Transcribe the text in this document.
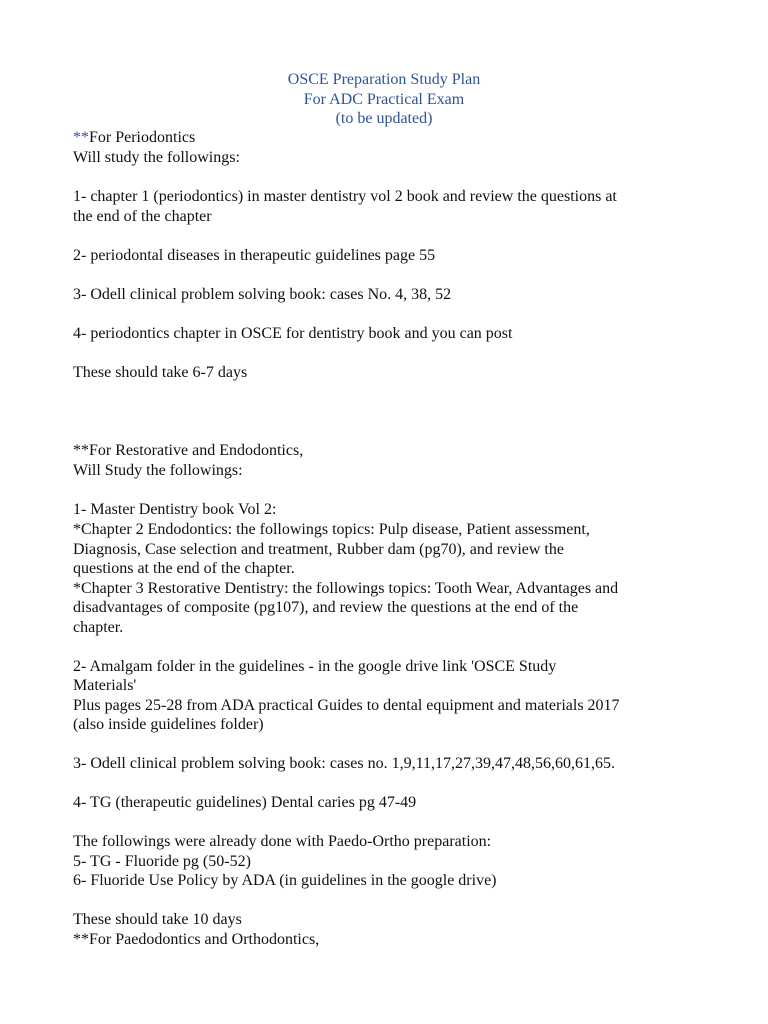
OSCE Preparation Study Plan
For ADC Practical Exam
(to be updated)
**For Periodontics
Will study the followings:
1- chapter 1 (periodontics) in master dentistry vol 2 book and review the questions at
the end of the chapter
2- periodontal diseases in therapeutic guidelines page 55
3- Odell clinical problem solving book: cases No. 4, 38, 52
4- periodontics chapter in OSCE for dentistry book and you can post
These should take 6-7 days
**For Restorative and Endodontics,
Will Study the followings:
1- Master Dentistry book Vol 2:
*Chapter 2 Endodontics: the followings topics: Pulp disease, Patient assessment,
Diagnosis, Case selection and treatment, Rubber dam (pg70), and review the
questions at the end of the chapter.
*Chapter 3 Restorative Dentistry: the followings topics: Tooth Wear, Advantages and
disadvantages of composite (pg107), and review the questions at the end of the
chapter.
2- Amalgam folder in the guidelines - in the google drive link 'OSCE Study
Materials'
Plus pages 25-28 from ADA practical Guides to dental equipment and materials 2017
(also inside guidelines folder)
3- Odell clinical problem solving book: cases no. 1,9,11,17,27,39,47,48,56,60,61,65.
4- TG (therapeutic guidelines) Dental caries pg 47-49
The followings were already done with Paedo-Ortho preparation:
5- TG - Fluoride pg (50-52)
6- Fluoride Use Policy by ADA (in guidelines in the google drive)
These should take 10 days
**For Paedodontics and Orthodontics,
